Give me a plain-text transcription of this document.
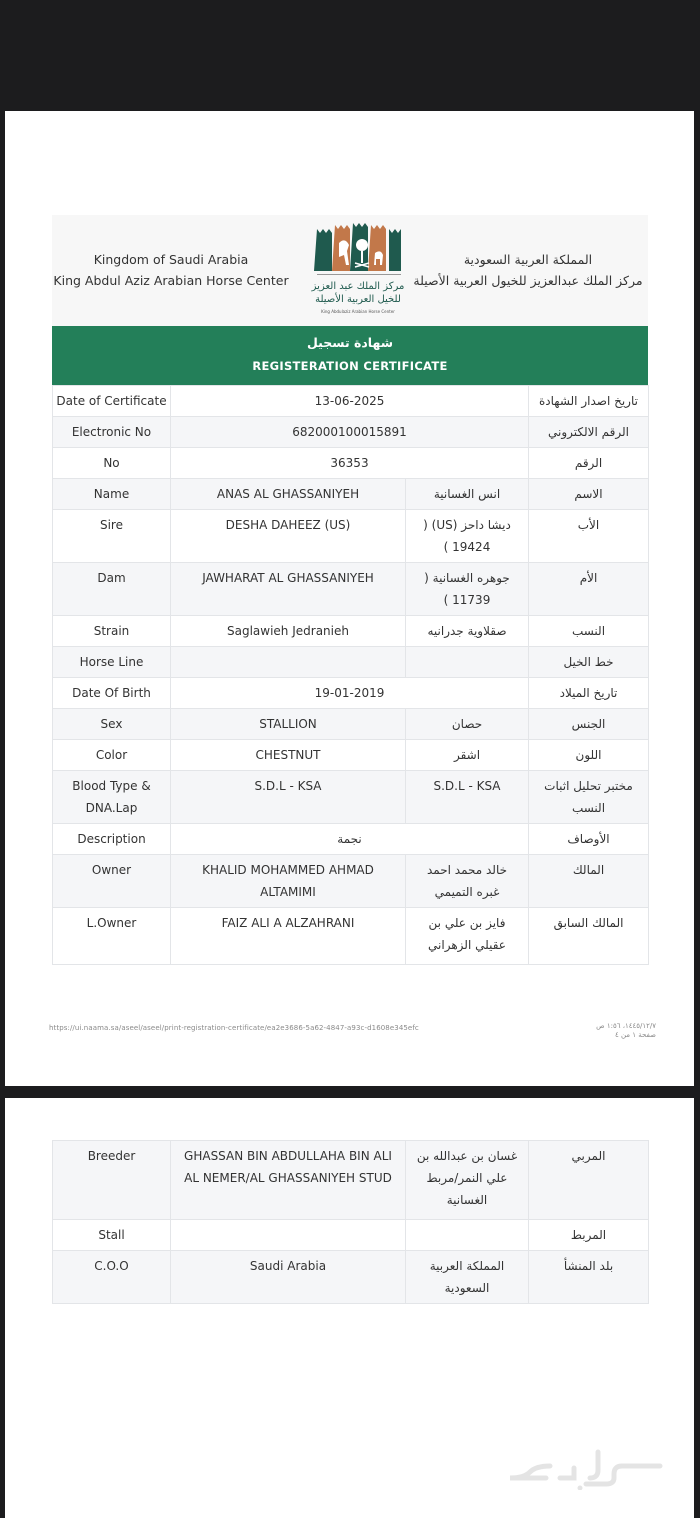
Kingdom of Saudi Arabia
King Abdul Aziz Arabian Horse Center مركز الملك عبد العزيز
للخيل العربية الأصيلة
King Abdulaziz Arabian Horse Center
المملكة العربية السعودية
مركز الملك عبدالعزيز للخيول العربية الأصيلة
شهادة تسجيل
REGISTERATION CERTIFICATE
Date of Certificate	13-06-2025		تاريخ اصدار الشهادة
Electronic No	682000100015891		الرقم الالكتروني
No	36353		الرقم
Name	ANAS AL GHASSANIYEH	انس الغسانية	الاسم
Sire	DESHA DAHEEZ (US)	ديشا داحز (US) ( 19424 )	الأب
Dam	JAWHARAT AL GHASSANIYEH	جوهره الغسانية ( 11739 )	الأم
Strain	Saglawieh Jedranieh	صقلاوية جدرانيه	النسب
Horse Line			خط الخيل
Date Of Birth	19-01-2019		تاريخ الميلاد
Sex	STALLION	حصان	الجنس
Color	CHESTNUT	اشقر	اللون
Blood Type & DNA.Lap	S.D.L - KSA	S.D.L - KSA	مختبر تحليل اثبات النسب
Description	نجمة		الأوصاف
Owner	KHALID MOHAMMED AHMAD ALTAMIMI	خالد محمد احمد غبره التميمي	المالك
L.Owner	FAIZ ALI A ALZAHRANI	فايز بن علي بن عقيلي الزهراني	المالك السابق
https://ui.naama.sa/aseel/aseel/print-registration-certificate/ea2e3686-5a62-4847-a93c-d1608e345efc	١٤٤٥/١٢/٧، ١:٥٦ ص
صفحة ١ من ٤
Breeder	GHASSAN BIN ABDULLAHA BIN ALI AL NEMER/AL GHASSANIYEH STUD	غسان بن عبدالله بن علي النمر/مربط الغسانية	المربي
Stall			المربط
C.O.O	Saudi Arabia	المملكة العربية السعودية	بلد المنشأ
